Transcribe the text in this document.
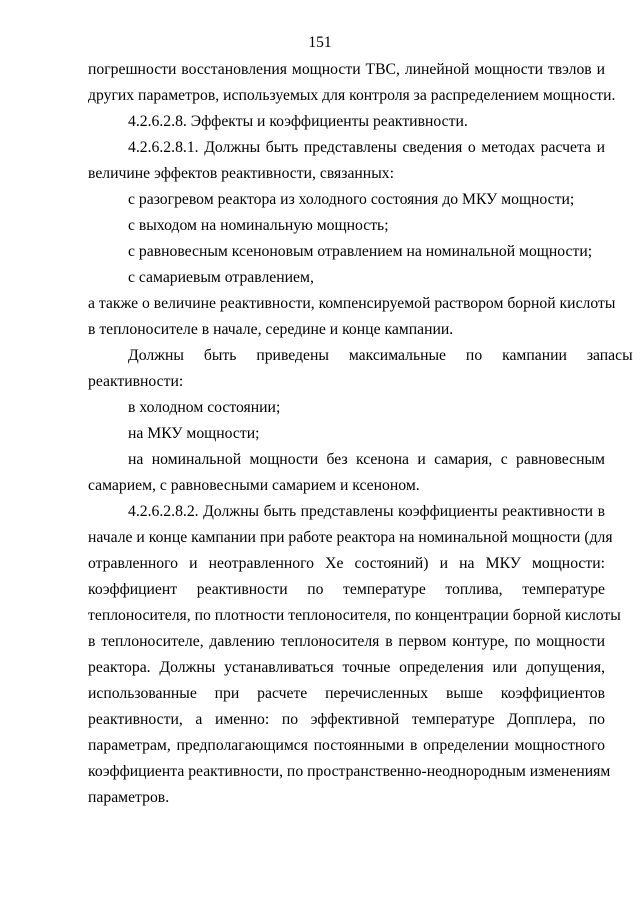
151
погрешности восстановления мощности ТВС, линейной мощности твэлов и
других параметров, используемых для контроля за распределением мощности.
4.2.6.2.8. Эффекты и коэффициенты реактивности.
4.2.6.2.8.1. Должны быть представлены сведения о методах расчета и
величине эффектов реактивности, связанных:
с разогревом реактора из холодного состояния до МКУ мощности;
с выходом на номинальную мощность;
с равновесным ксеноновым отравлением на номинальной мощности;
с самариевым отравлением,
а также о величине реактивности, компенсируемой раствором борной кислоты
в теплоносителе в начале, середине и конце кампании.
Должны быть приведены максимальные по кампании запасы
реактивности:
в холодном состоянии;
на МКУ мощности;
на номинальной мощности без ксенона и самария, с равновесным
самарием, с равновесными самарием и ксеноном.
4.2.6.2.8.2. Должны быть представлены коэффициенты реактивности в
начале и конце кампании при работе реактора на номинальной мощности (для
отравленного и неотравленного Хе состояний) и на МКУ мощности:
коэффициент реактивности по температуре топлива, температуре
теплоносителя, по плотности теплоносителя, по концентрации борной кислоты
в теплоносителе, давлению теплоносителя в первом контуре, по мощности
реактора. Должны устанавливаться точные определения или допущения,
использованные при расчете перечисленных выше коэффициентов
реактивности, а именно: по эффективной температуре Допплера, по
параметрам, предполагающимся постоянными в определении мощностного
коэффициента реактивности, по пространственно-неоднородным изменениям
параметров.
